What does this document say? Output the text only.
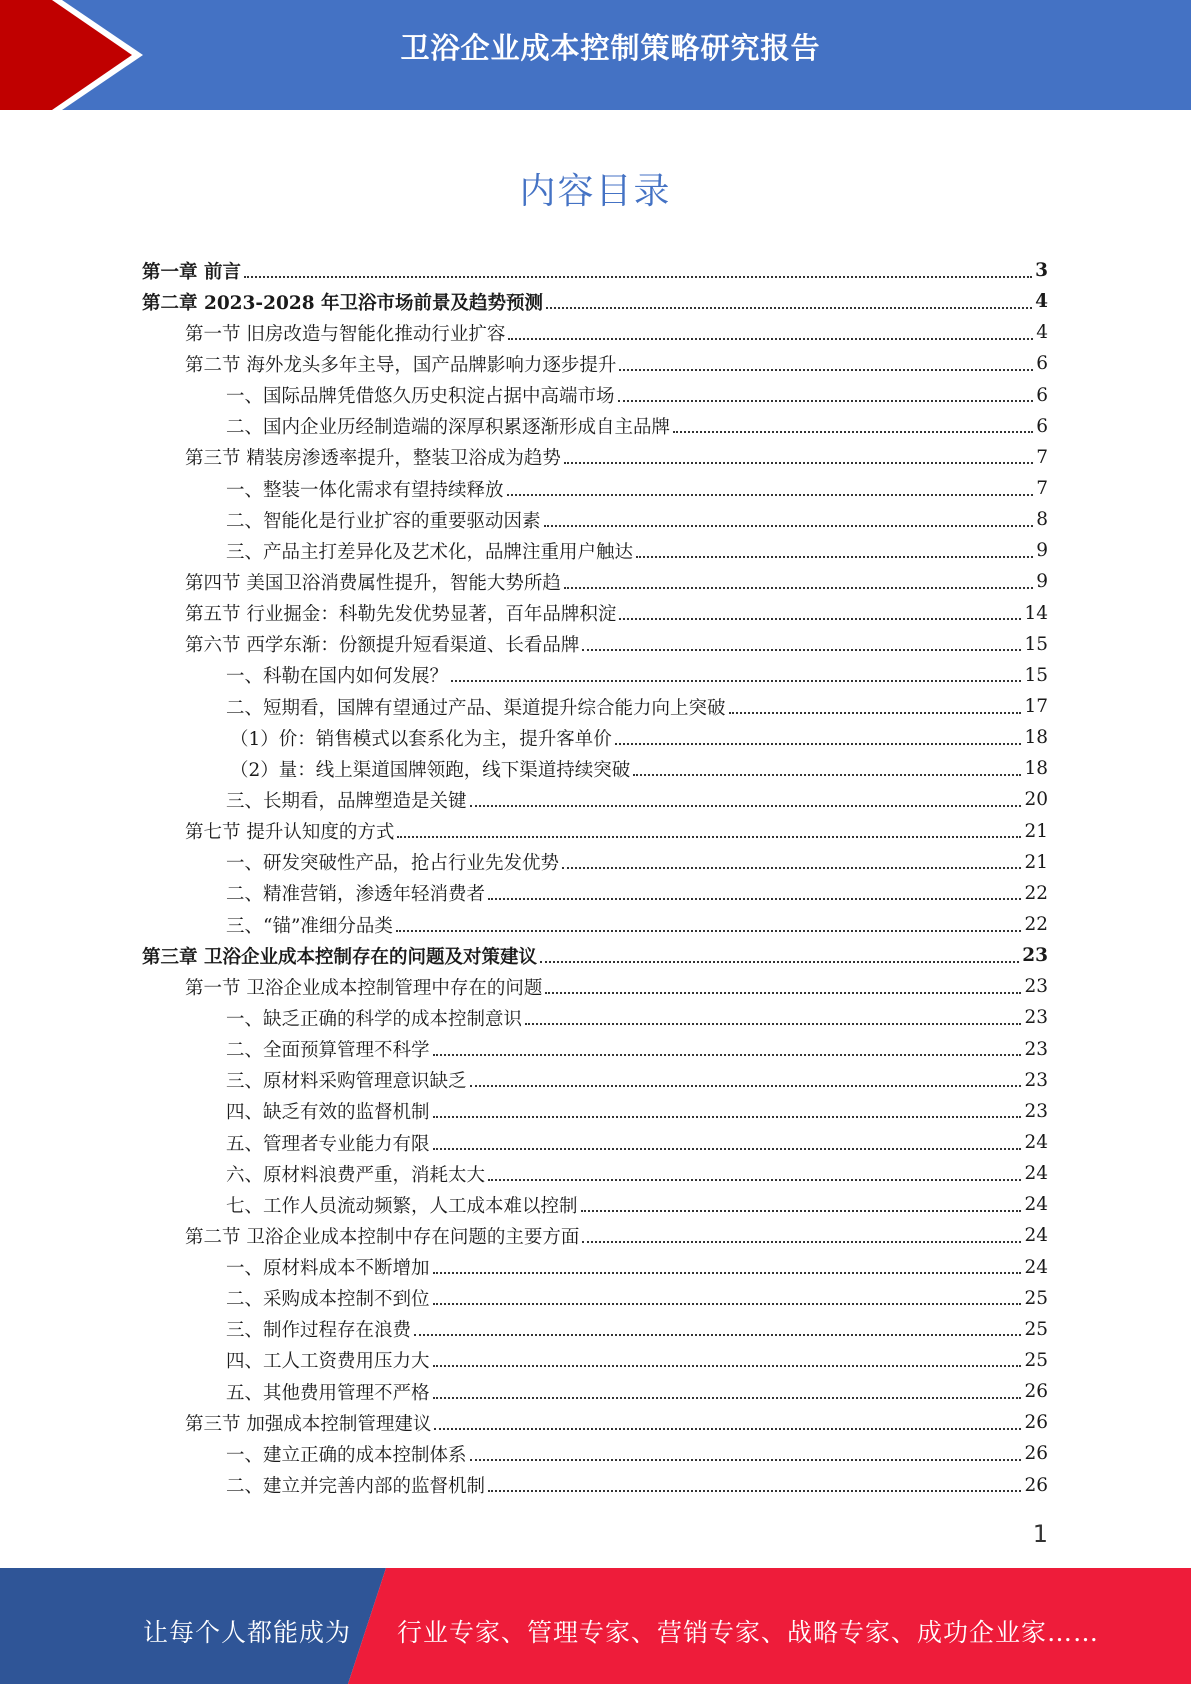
卫浴企业成本控制策略研究报告
内容目录
第一章 前言	3
第二章 2023-2028 年卫浴市场前景及趋势预测	4
第一节 旧房改造与智能化推动行业扩容	4
第二节 海外龙头多年主导，国产品牌影响力逐步提升	6
一、国际品牌凭借悠久历史积淀占据中高端市场	6
二、国内企业历经制造端的深厚积累逐渐形成自主品牌	6
第三节 精装房渗透率提升，整装卫浴成为趋势	7
一、整装一体化需求有望持续释放	7
二、智能化是行业扩容的重要驱动因素	8
三、产品主打差异化及艺术化，品牌注重用户触达	9
第四节 美国卫浴消费属性提升，智能大势所趋	9
第五节 行业掘金：科勒先发优势显著，百年品牌积淀	14
第六节 西学东渐：份额提升短看渠道、长看品牌	15
一、科勒在国内如何发展？	15
二、短期看，国牌有望通过产品、渠道提升综合能力向上突破	17
（1）价：销售模式以套系化为主，提升客单价	18
（2）量：线上渠道国牌领跑，线下渠道持续突破	18
三、长期看，品牌塑造是关键	20
第七节 提升认知度的方式	21
一、研发突破性产品，抢占行业先发优势	21
二、精准营销，渗透年轻消费者	22
三、“锚”准细分品类	22
第三章 卫浴企业成本控制存在的问题及对策建议	23
第一节 卫浴企业成本控制管理中存在的问题	23
一、缺乏正确的科学的成本控制意识	23
二、全面预算管理不科学	23
三、原材料采购管理意识缺乏	23
四、缺乏有效的监督机制	23
五、管理者专业能力有限	24
六、原材料浪费严重，消耗太大	24
七、工作人员流动频繁，人工成本难以控制	24
第二节 卫浴企业成本控制中存在问题的主要方面	24
一、原材料成本不断增加	24
二、采购成本控制不到位	25
三、制作过程存在浪费	25
四、工人工资费用压力大	25
五、其他费用管理不严格	26
第三节 加强成本控制管理建议	26
一、建立正确的成本控制体系	26
二、建立并完善内部的监督机制	26
1
让每个人都能成为 行业专家、管理专家、营销专家、战略专家、成功企业家……
